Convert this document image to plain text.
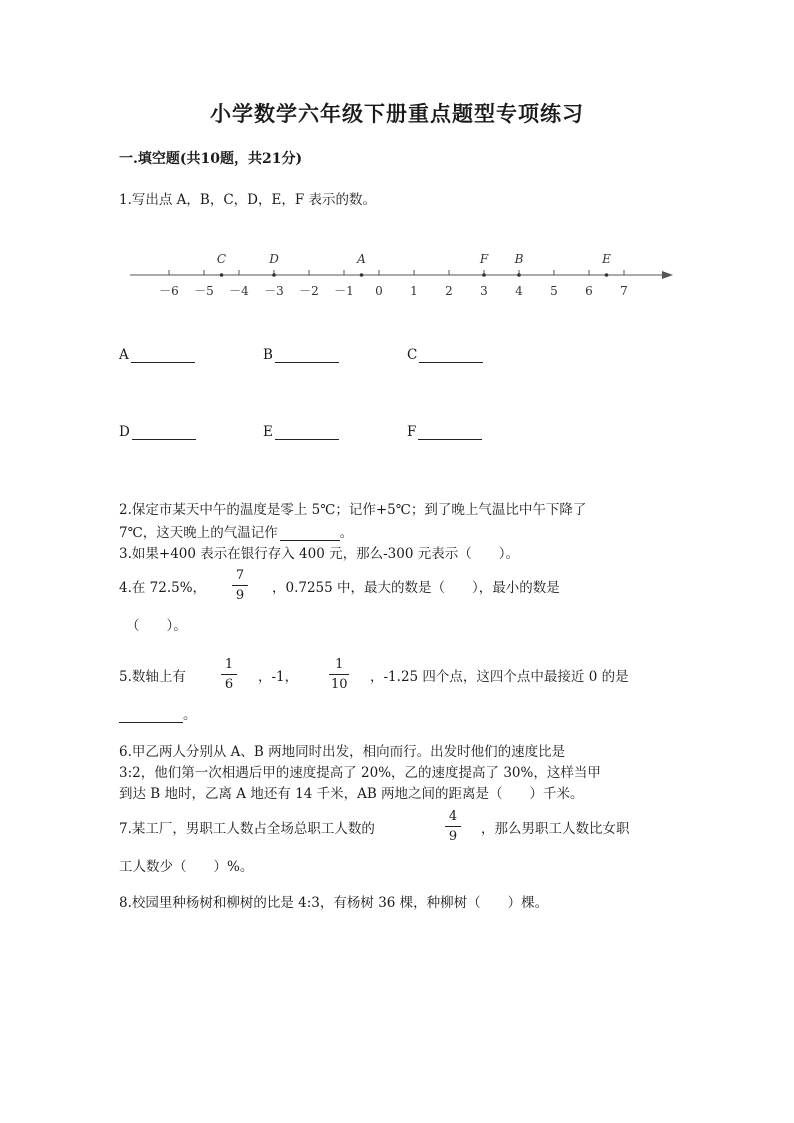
小学数学六年级下册重点题型专项练习
一.填空题(共10题，共21分)
1.写出点 A，B，C，D，E，F 表示的数。
－6 －5 －4 －3 －2 －1 0 1 2 3 4 5 6 7
C	D	A	F B	E
A	B	C
D	E	F
2.保定市某天中午的温度是零上 5℃；记作+5℃；到了晚上气温比中午下降了
7℃，这天晚上的气温记作	。
3.如果+400 表示在银行存入 400 元，那么-300 元表示（　　）。
4.在 72.5%，
7
9 ，0.7255 中，最大的数是（　　），最小的数是
（　　）。
5.数轴上有
1
6 ，-1，
1
10 ，-1.25 四个点，这四个点中最接近 0 的是
。
6.甲乙两人分别从 A、B 两地同时出发，相向而行。出发时他们的速度比是
3:2，他们第一次相遇后甲的速度提高了 20%，乙的速度提高了 30%，这样当甲
到达 B 地时，乙离 A 地还有 14 千米，AB 两地之间的距离是（　　）千米。
7.某工厂，男职工人数占全场总职工人数的
4
9 ，那么男职工人数比女职
工人数少（　　）%。
8.校园里种杨树和柳树的比是 4:3，有杨树 36 棵，种柳树（　　）棵。
